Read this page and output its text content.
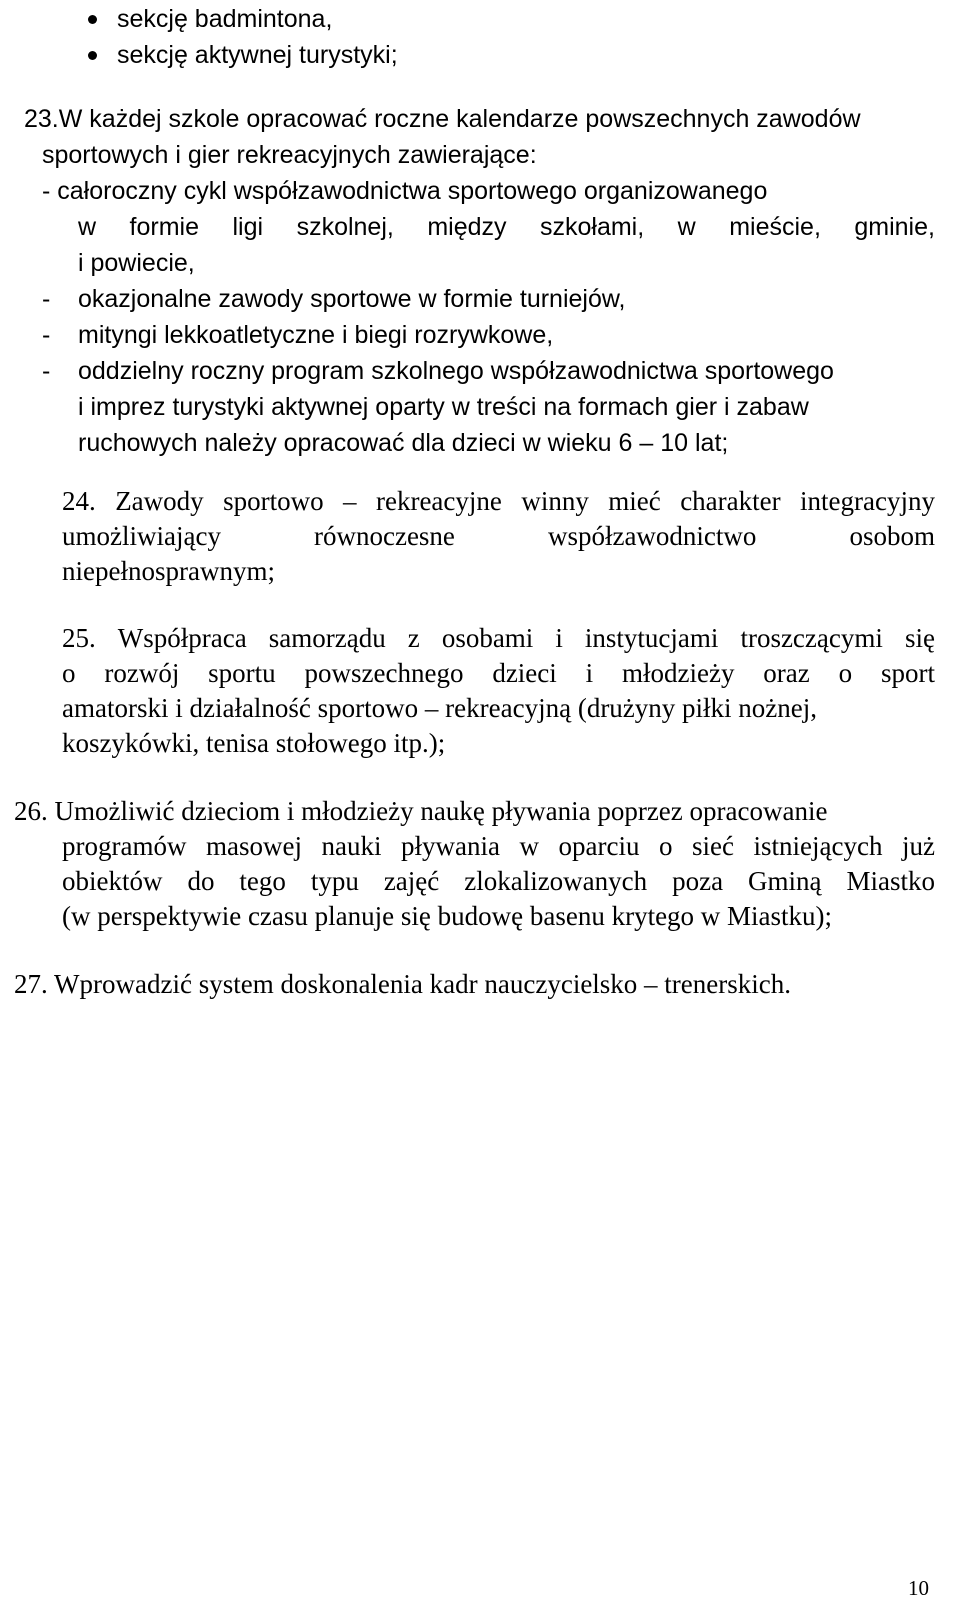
sekcję badmintona,
sekcję aktywnej turystyki;
23.W każdej szkole opracować roczne kalendarze powszechnych zawodów
sportowych i gier rekreacyjnych zawierające:
- całoroczny cykl współzawodnictwa sportowego organizowanego
w formie ligi szkolnej, między szkołami, w mieście, gminie,
i powiecie,
- okazjonalne zawody sportowe w formie turniejów,
- mityngi lekkoatletyczne i biegi rozrywkowe,
- oddzielny roczny program szkolnego współzawodnictwa sportowego
i imprez turystyki aktywnej oparty w treści na formach gier i zabaw
ruchowych należy opracować dla dzieci w wieku 6 – 10 lat;
24. Zawody sportowo – rekreacyjne winny mieć charakter integracyjny
umożliwiający	równoczesne	współzawodnictwo	osobom
niepełnosprawnym;
25. Współpraca samorządu z osobami i instytucjami troszczącymi się
o rozwój sportu powszechnego dzieci i młodzieży oraz o sport
amatorski i działalność sportowo – rekreacyjną (drużyny piłki nożnej,
koszykówki, tenisa stołowego itp.);
26. Umożliwić dzieciom i młodzieży naukę pływania poprzez opracowanie
programów masowej nauki pływania w oparciu o sieć istniejących już
obiektów do tego typu zajęć zlokalizowanych poza Gminą Miastko
(w perspektywie czasu planuje się budowę basenu krytego w Miastku);
27. Wprowadzić system doskonalenia kadr nauczycielsko – trenerskich.
10
